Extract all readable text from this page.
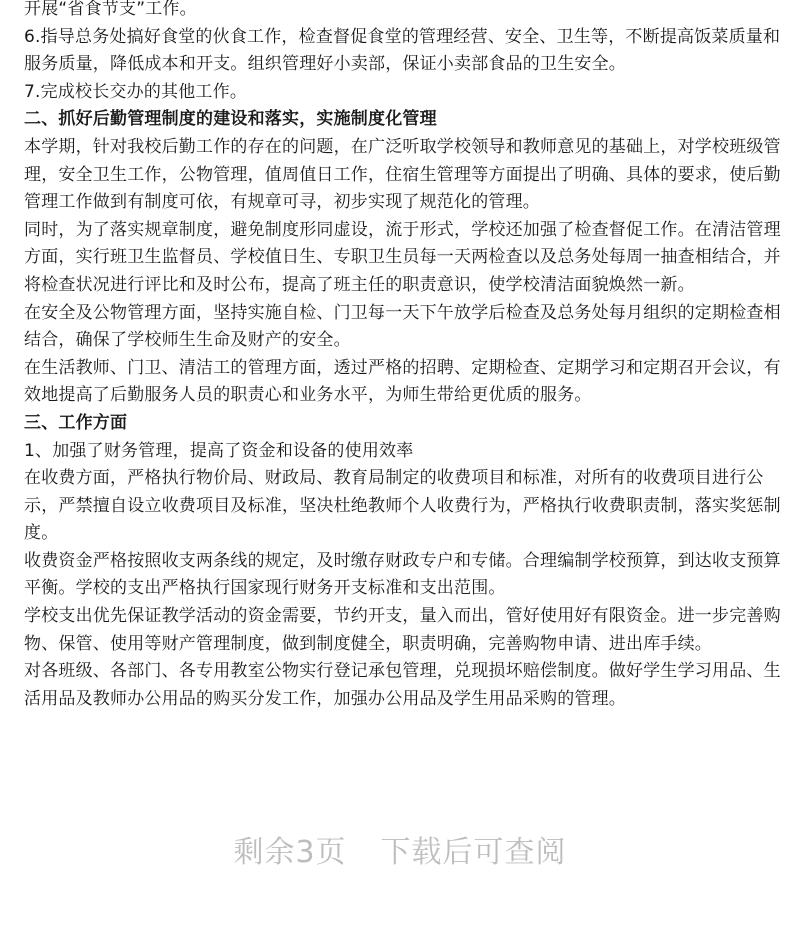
开展“省食节支”工作。

6.指导总务处搞好食堂的伙食工作，检查督促食堂的管理经营、安全、卫生等，不断提高饭菜质量和服务质量，降低成本和开支。组织管理好小卖部，保证小卖部食品的卫生安全。

7.完成校长交办的其他工作。

二、抓好后勤管理制度的建设和落实，实施制度化管理

本学期，针对我校后勤工作的存在的问题，在广泛听取学校领导和教师意见的基础上，对学校班级管理，安全卫生工作，公物管理，值周值日工作，住宿生管理等方面提出了明确、具体的要求，使后勤管理工作做到有制度可依，有规章可寻，初步实现了规范化的管理。

同时，为了落实规章制度，避免制度形同虚设，流于形式，学校还加强了检查督促工作。在清洁管理方面，实行班卫生监督员、学校值日生、专职卫生员每一天两检查以及总务处每周一抽查相结合，并将检查状况进行评比和及时公布，提高了班主任的职责意识，使学校清洁面貌焕然一新。

在安全及公物管理方面，坚持实施自检、门卫每一天下午放学后检查及总务处每月组织的定期检查相结合，确保了学校师生生命及财产的安全。

在生活教师、门卫、清洁工的管理方面，透过严格的招聘、定期检查、定期学习和定期召开会议，有效地提高了后勤服务人员的职责心和业务水平，为师生带给更优质的服务。

三、工作方面

1、加强了财务管理，提高了资金和设备的使用效率

在收费方面，严格执行物价局、财政局、教育局制定的收费项目和标准，对所有的收费项目进行公示，严禁擅自设立收费项目及标准，坚决杜绝教师个人收费行为，严格执行收费职责制，落实奖惩制度。

收费资金严格按照收支两条线的规定，及时缴存财政专户和专储。合理编制学校预算，到达收支预算平衡。学校的支出严格执行国家现行财务开支标准和支出范围。

学校支出优先保证教学活动的资金需要，节约开支，量入而出，管好使用好有限资金。进一步完善购物、保管、使用等财产管理制度，做到制度健全，职责明确，完善购物申请、进出库手续。

对各班级、各部门、各专用教室公物实行登记承包管理，兑现损坏赔偿制度。做好学生学习用品、生活用品及教师办公用品的购买分发工作，加强办公用品及学生用品采购的管理。

剩余3页 下载后可查阅
